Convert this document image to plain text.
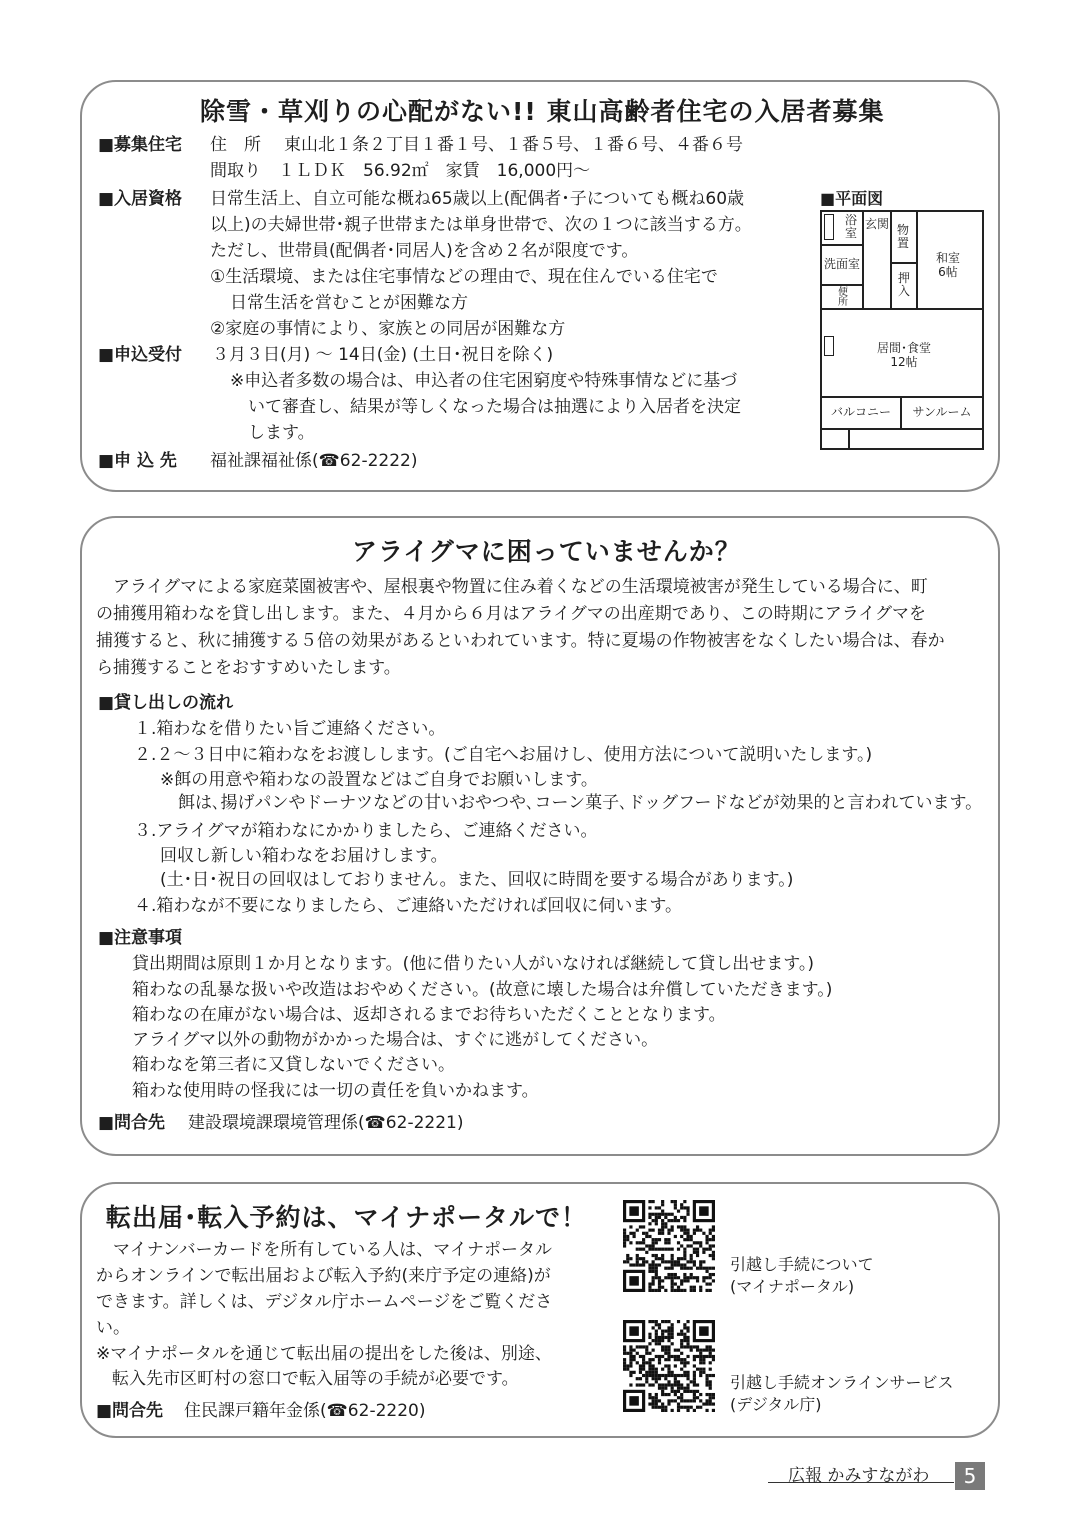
除雪・草刈りの心配がない!! 東山高齢者住宅の入居者募集
■募集住宅 住　所 東山北１条２丁目１番１号、１番５号、１番６号、４番６号
間取り　１ＬＤＫ　56.92㎡　家賃　16,000円～
■入居資格 日常生活上、自立可能な概ね65歳以上(配偶者･子についても概ね60歳
以上)の夫婦世帯･親子世帯または単身世帯で、次の１つに該当する方。
ただし、世帯員(配偶者･同居人)を含め２名が限度です。
①生活環境、または住宅事情などの理由で、現在住んでいる住宅で
日常生活を営むことが困難な方
②家庭の事情により、家族との同居が困難な方
■申込受付 ３月３日(月) ～ 14日(金) (土日･祝日を除く)
※申込者多数の場合は、申込者の住宅困窮度や特殊事情などに基づ
いて審査し、結果が等しくなった場合は抽選により入居者を決定
します。
■申 込 先 福祉課福祉係(☎62-2222)
■平面図
浴室
玄関 物置
洗面室
押入
便所
和室
6帖
居間･食堂
12帖
バルコニー	サンルーム
アライグマに困っていませんか？
　アライグマによる家庭菜園被害や、屋根裏や物置に住み着くなどの生活環境被害が発生している場合に、町
の捕獲用箱わなを貸し出します。また、４月から６月はアライグマの出産期であり、この時期にアライグマを
捕獲すると、秋に捕獲する５倍の効果があるといわれています。特に夏場の作物被害をなくしたい場合は、春か
ら捕獲することをおすすめいたします。
■貸し出しの流れ
１.箱わなを借りたい旨ご連絡ください。
２.２～３日中に箱わなをお渡しします。(ご自宅へお届けし、使用方法について説明いたします。)
※餌の用意や箱わなの設置などはご自身でお願いします。
餌は､揚げパンやドーナツなどの甘いおやつや､コーン菓子､ドッグフードなどが効果的と言われています。
３.アライグマが箱わなにかかりましたら、ご連絡ください。
回収し新しい箱わなをお届けします。
(土･日･祝日の回収はしておりません。また、回収に時間を要する場合があります。)
４.箱わなが不要になりましたら、ご連絡いただければ回収に伺います。
■注意事項
貸出期間は原則１か月となります。(他に借りたい人がいなければ継続して貸し出せます。)
箱わなの乱暴な扱いや改造はおやめください。(故意に壊した場合は弁償していただきます。)
箱わなの在庫がない場合は、返却されるまでお待ちいただくこととなります。
アライグマ以外の動物がかかった場合は、すぐに逃がしてください。
箱わなを第三者に又貸しないでください。
箱わな使用時の怪我には一切の責任を負いかねます。
■問合先 建設環境課環境管理係(☎62-2221)
転出届･転入予約は、マイナポータルで！
　マイナンバーカードを所有している人は、マイナポータル
からオンラインで転出届および転入予約(来庁予定の連絡)が
できます。詳しくは、デジタル庁ホームページをご覧くださ
い。
※マイナポータルを通じて転出届の提出をした後は、別途、
転入先市区町村の窓口で転入届等の手続が必要です。
■問合先 住民課戸籍年金係(☎62-2220)
引越し手続について
(マイナポータル)
引越し手続オンラインサービス
(デジタル庁)
広報 かみすながわ	5
